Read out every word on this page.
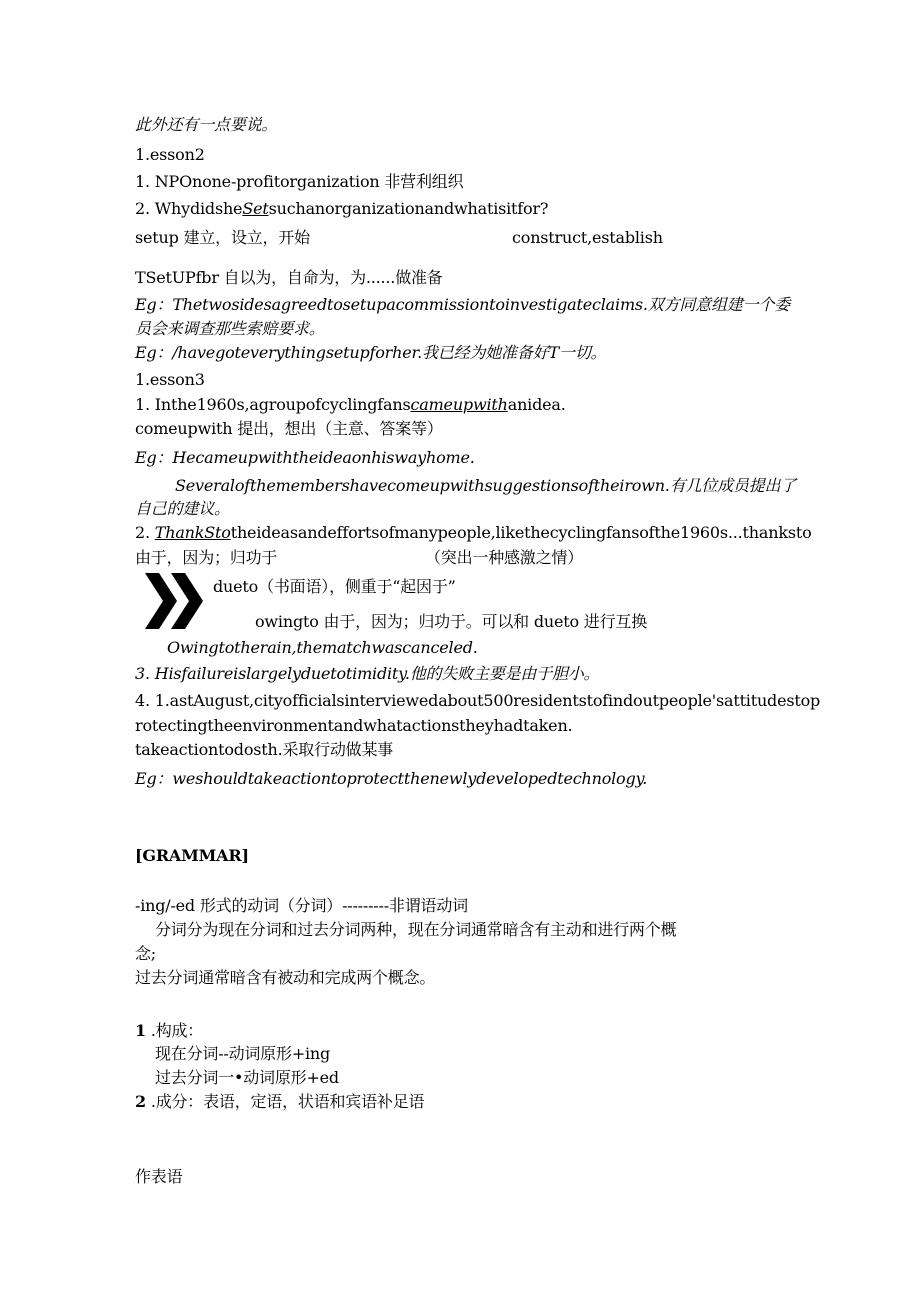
此外还有一点要说。
1.esson2
1. NPOnone-profitorganization 非营利组织
2. WhydidsheSetsuchanorganizationandwhatisitfor?
setup 建立，设立，开始	construct,establish
TSetUPfbr 自以为，自命为，为......做准备
Eg：Thetwosidesagreedtosetupacommissiontoinvestigateclaims.双方同意组建一个委
员会来调查那些索赔要求。
Eg：/havegoteverythingsetupforher.我已经为她准备好T一切。
1.esson3
1. Inthe1960s,agroupofcyclingfanscameupwithanidea.
comeupwith 提出，想出（主意、答案等）
Eg：Hecameupwiththeideaonhiswayhome.
Severalofthemembershavecomeupwithsuggestionsoftheirown.有几位成员提出了
自己的建议。
2. ThankStotheideasandeffortsofmanypeople,likethecyclingfansofthe1960s...thanksto
由于，因为；归功于	（突出一种感激之情）
dueto（书面语），侧重于“起因于”
owingto 由于，因为；归功于。可以和 dueto 进行互换
Owingtotherain,thematchwascanceled.
3. Hisfailureislargelyduetotimidity.他的失败主要是由于胆小。
4. 1.astAugust,cityofficialsinterviewedabout500residentstofindoutpeople'sattitudestop
rotectingtheenvironmentandwhatactionstheyhadtaken.
takeactiontodosth.采取行动做某事
Eg：weshouldtakeactiontoprotectthenewlydevelopedtechnology.
[GRAMMAR]
-ing/-ed 形式的动词（分词）---------非谓语动词
分词分为现在分词和过去分词两种，现在分词通常暗含有主动和进行两个概
念;
过去分词通常暗含有被动和完成两个概念。
1 .构成：
现在分词--动词原形+ing
过去分词一•动词原形+ed
2 .成分：表语，定语，状语和宾语补足语
作表语
